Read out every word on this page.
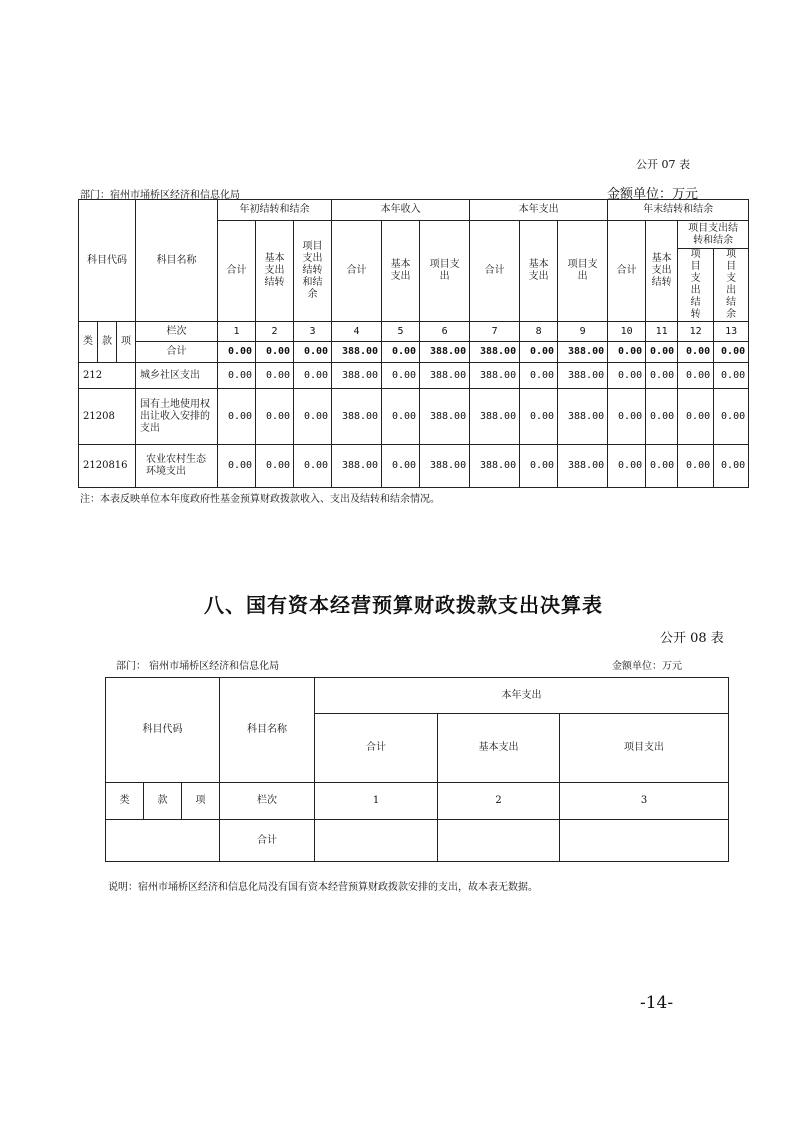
公开 07 表
部门：宿州市埇桥区经济和信息化局	金额单位：万元
科目代码			科目名称	年初结转和结余			本年收入			本年支出			年末结转和结余			
				合计	基本支出结转	项目支出结转和结余	合计	基本支出	项目支出	合计	基本支出	项目支出	合计	基本支出结转	项目支出结转和结余	
															项目支出结转	项目支出结余
类	款	项	栏次	1	2	3	4	5	6	7	8	9	10	11	12	13
			合计	0.00	0.00	0.00	388.00	0.00	388.00	388.00	0.00	388.00	0.00	0.00	0.00	0.00
212			城乡社区支出	0.00	0.00	0.00	388.00	0.00	388.00	388.00	0.00	388.00	0.00	0.00	0.00	0.00
21208			国有土地使用权出让收入安排的支出	0.00	0.00	0.00	388.00	0.00	388.00	388.00	0.00	388.00	0.00	0.00	0.00	0.00
2120816			农业农村生态环境支出	0.00	0.00	0.00	388.00	0.00	388.00	388.00	0.00	388.00	0.00	0.00	0.00	0.00
注：本表反映单位本年度政府性基金预算财政拨款收入、支出及结转和结余情况。
八、国有资本经营预算财政拨款支出决算表
公开 08 表
部门： 宿州市埇桥区经济和信息化局	金额单位：万元
科目代码			科目名称	本年支出		
				合计	基本支出	项目支出
类	款	项	栏次	1	2	3
			合计			
说明：宿州市埇桥区经济和信息化局没有国有资本经营预算财政拨款安排的支出，故本表无数据。
-14-
